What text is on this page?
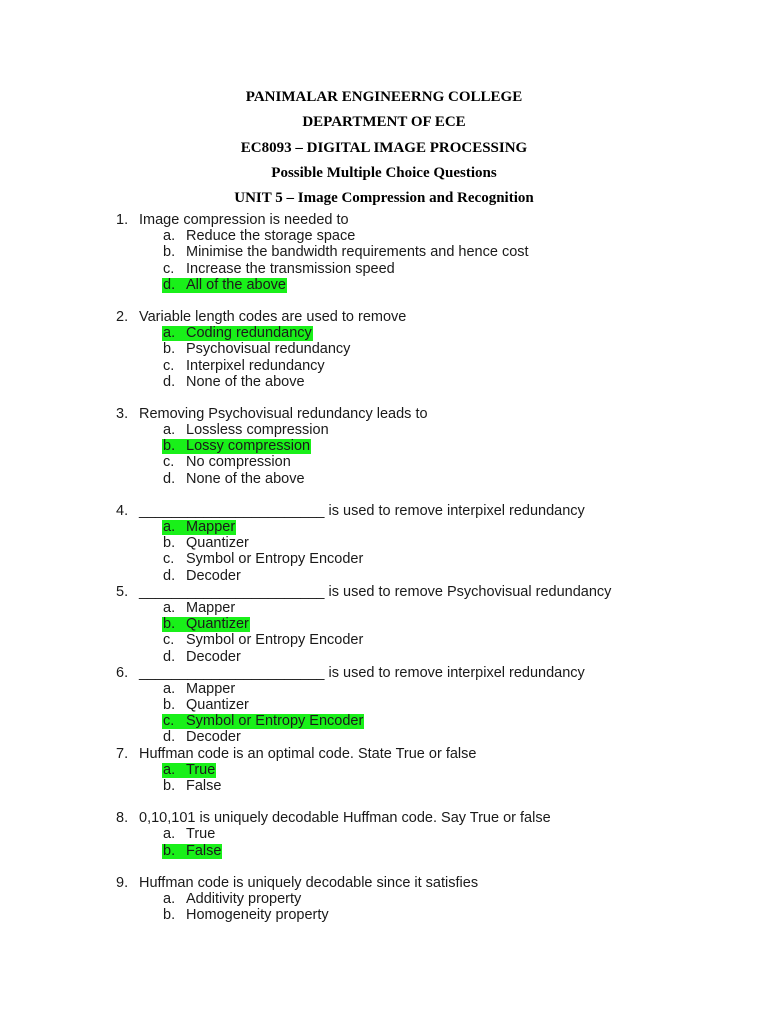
PANIMALAR ENGINEERNG COLLEGE
DEPARTMENT OF ECE
EC8093 – DIGITAL IMAGE PROCESSING
Possible Multiple Choice Questions
UNIT 5 – Image Compression and Recognition
1. Image compression is needed to
a. Reduce the storage space
b. Minimise the bandwidth requirements and hence cost
c. Increase the transmission speed
d. All of the above
2. Variable length codes are used to remove
a. Coding redundancy
b. Psychovisual redundancy
c. Interpixel redundancy
d. None of the above
3. Removing Psychovisual redundancy leads to
a. Lossless compression
b. Lossy compression
c. No compression
d. None of the above
4. _______________________ is used to remove interpixel redundancy
a. Mapper
b. Quantizer
c. Symbol or Entropy Encoder
d. Decoder
5. _______________________ is used to remove Psychovisual redundancy
a. Mapper
b. Quantizer
c. Symbol or Entropy Encoder
d. Decoder
6. _______________________ is used to remove interpixel redundancy
a. Mapper
b. Quantizer
c. Symbol or Entropy Encoder
d. Decoder
7. Huffman code is an optimal code. State True or false
a. True
b. False
8. 0,10,101 is uniquely decodable Huffman code. Say True or false
a. True
b. False
9. Huffman code is uniquely decodable since it satisfies
a. Additivity property
b. Homogeneity property
